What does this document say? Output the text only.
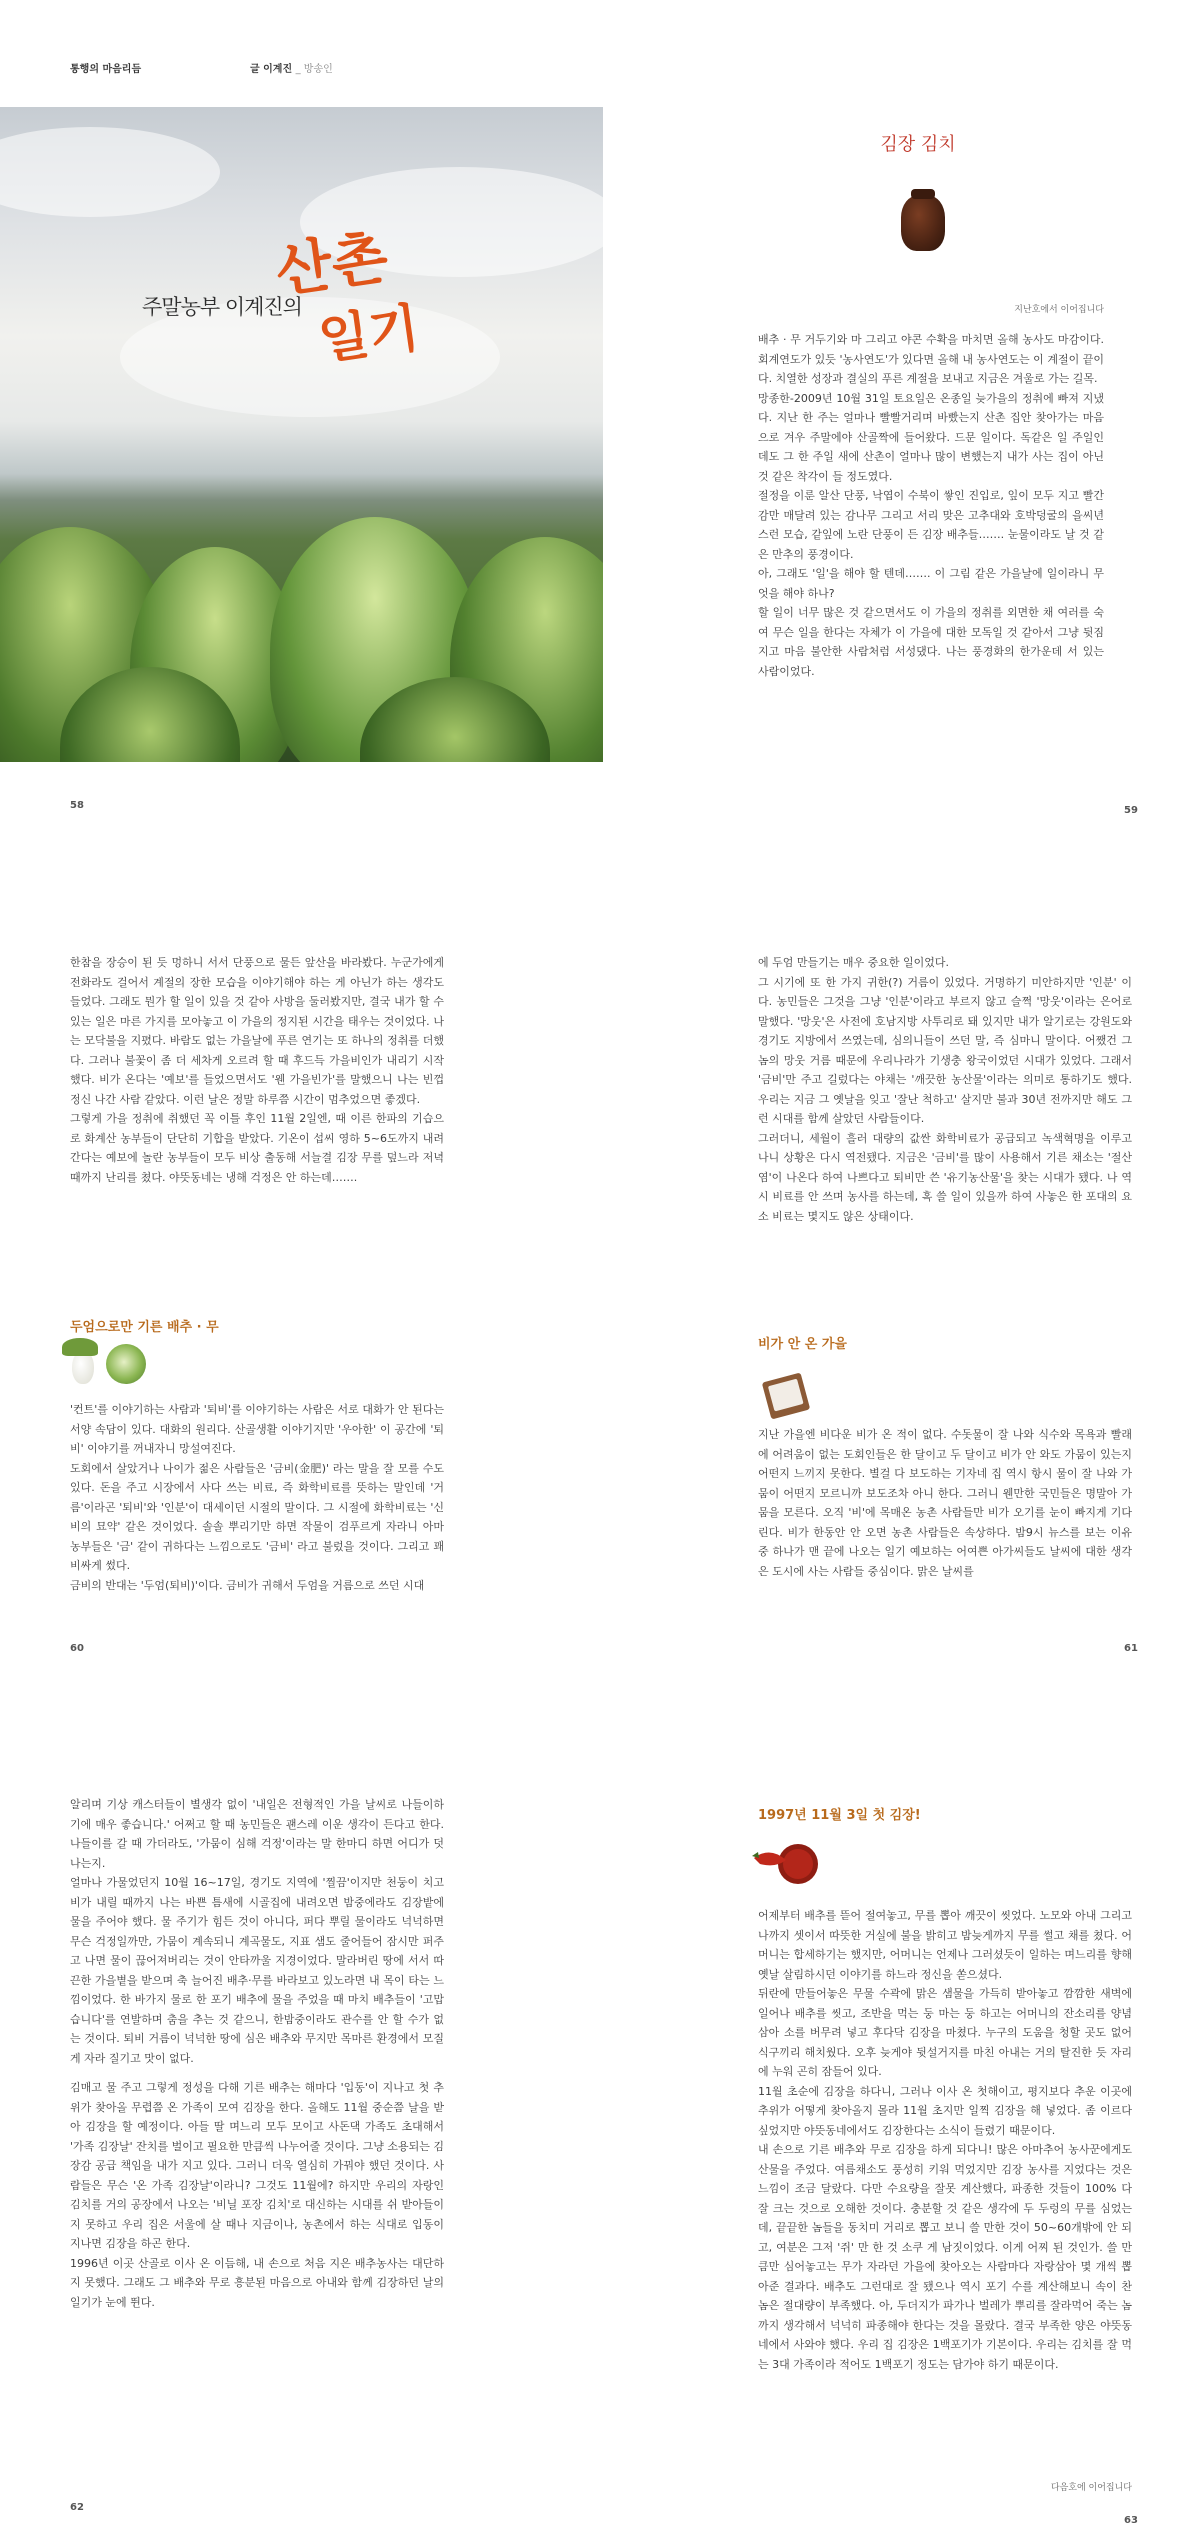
통행의 마음리듬	글 이계진 _ 방송인
주말농부 이계진의
산촌
일기
김장 김치
지난호에서 이어집니다

배추 · 무 거두기와 마 그리고 야콘 수확을 마치면 올해 농사도 마감이다. 회계연도가 있듯 '농사연도'가 있다면 올해 내 농사연도는 이 계절이 끝이다. 치열한 성장과 결실의 푸른 계절을 보내고 지금은 겨울로 가는 길목.

망종한-2009년 10월 31일 토요일은 온종일 늦가을의 정취에 빠져 지냈다. 지난 한 주는 얼마나 빨빨거리며 바빴는지 산촌 집안 찾아가는 마음으로 겨우 주말에야 산골짝에 들어왔다. 드문 일이다. 독같은 일 주일인데도 그 한 주일 새에 산촌이 얼마나 많이 변했는지 내가 사는 집이 아닌 것 같은 착각이 들 정도였다.

절정을 이룬 알산 단풍, 낙엽이 수북이 쌓인 진입로, 잎이 모두 지고 빨간 감만 매달려 있는 감나무 그리고 서리 맞은 고추대와 호박덩굴의 을씨년스런 모습, 같잎에 노란 단풍이 든 김장 배추들……. 눈물이라도 날 것 같은 만추의 풍경이다.

아, 그래도 '일'을 해야 할 텐데……. 이 그림 같은 가을날에 일이라니 무엇을 해야 하나?

할 일이 너무 많은 것 같으면서도 이 가을의 정취를 외면한 채 여러를 숙여 무슨 일을 한다는 자체가 이 가을에 대한 모독일 것 같아서 그냥 뒷짐 지고 마음 불안한 사람처럼 서성댔다. 나는 풍경화의 한가운데 서 있는 사람이었다.

58	59

한참을 장승이 된 듯 멍하니 서서 단풍으로 물든 앞산을 바라봤다. 누군가에게 전화라도 걸어서 계절의 장한 모습을 이야기해야 하는 게 아닌가 하는 생각도 들었다. 그래도 뭔가 할 일이 있을 것 같아 사방을 둘러봤지만, 결국 내가 할 수 있는 일은 마른 가지를 모아놓고 이 가을의 정지된 시간을 태우는 것이었다. 나는 모닥불을 지폈다. 바람도 없는 가을날에 푸른 연기는 또 하나의 정취를 더했다. 그러나 불꽃이 좀 더 세차게 오르려 할 때 후드득 가을비인가 내리기 시작했다. 비가 온다는 '예보'를 들었으면서도 '웬 가을빈가'를 말했으니 나는 빈껍 정신 나간 사람 같았다. 이런 날은 정말 하루쯤 시간이 멈추었으면 좋겠다.

그렇게 가을 정취에 취했던 꼭 이틀 후인 11월 2일엔, 때 이른 한파의 기습으로 화계산 농부들이 단단히 기합을 받았다. 기온이 섭씨 영하 5~6도까지 내려간다는 예보에 놀란 농부들이 모두 비상 출동해 서늘결 김장 무를 덮느라 저녁때까지 난리를 쳤다. 야뜻동네는 냉해 걱정은 안 하는데…….

두엄으로만 기른 배추 · 무

'컨트'를 이야기하는 사람과 '퇴비'를 이야기하는 사람은 서로 대화가 안 된다는 서양 속담이 있다. 대화의 원리다. 산골생활 이야기지만 '우아한' 이 공간에 '퇴비' 이야기를 꺼내자니 망설여진다.

도회에서 살았거나 나이가 젊은 사람들은 '금비(金肥)' 라는 말을 잘 모를 수도 있다. 돈을 주고 시장에서 사다 쓰는 비료, 즉 화학비료를 뜻하는 말인데 '거름'이라곤 '퇴비'와 '인분'이 대세이던 시절의 말이다. 그 시절에 화학비료는 '신비의 묘약' 같은 것이었다. 솔솔 뿌리기만 하면 작물이 검푸르게 자라니 아마 농부들은 '금' 같이 귀하다는 느낌으로도 '금비' 라고 불렀을 것이다. 그리고 꽤 비싸게 썼다.

금비의 반대는 '두엄(퇴비)'이다. 금비가 귀해서 두엄을 거름으로 쓰던 시대

에 두엄 만들기는 매우 중요한 일이었다.

그 시기에 또 한 가지 귀한(?) 거름이 있었다. 거명하기 미안하지만 '인분' 이다. 농민들은 그것을 그냥 '인분'이라고 부르지 않고 슬쩍 '망웃'이라는 은어로 말했다. '망웃'은 사전에 호남지방 사투리로 돼 있지만 내가 알기로는 강원도와 경기도 지방에서 쓰였는데, 심의니들이 쓰던 말, 즉 심마니 말이다. 어쨌건 그놈의 망웃 거름 때문에 우리나라가 기생충 왕국이었던 시대가 있었다. 그래서 '금비'만 주고 길렀다는 야채는 '깨끗한 농산물'이라는 의미로 통하기도 했다. 우리는 지금 그 옛날을 잊고 '잘난 척하고' 살지만 불과 30년 전까지만 해도 그런 시대를 함께 살았던 사람들이다.

그러더니, 세월이 흘러 대량의 값싼 화학비료가 공급되고 녹색혁명을 이루고 나니 상황은 다시 역전됐다. 지금은 '금비'를 많이 사용해서 기른 채소는 '절산염'이 나온다 하여 나쁘다고 퇴비만 쓴 '유기농산물'을 찾는 시대가 됐다. 나 역시 비료를 안 쓰며 농사를 하는데, 혹 쓸 일이 있을까 하여 사놓은 한 포대의 요소 비료는 몇지도 않은 상태이다.

비가 안 온 가을

지난 가을엔 비다운 비가 온 적이 없다. 수돗물이 잘 나와 식수와 목욕과 빨래에 어려움이 없는 도회인들은 한 달이고 두 달이고 비가 안 와도 가뭄이 있는지 어떤지 느끼지 못한다. 별걸 다 보도하는 기자네 집 역시 항시 물이 잘 나와 가뭄이 어떤지 모르니까 보도조차 아니 한다. 그러니 웬만한 국민들은 명말아 가뭄을 모른다. 오직 '비'에 목매온 농촌 사람들만 비가 오기를 눈이 빠지게 기다린다. 비가 한동안 안 오면 농촌 사람들은 속상하다. 밤9시 뉴스를 보는 이유 중 하나가 맨 끝에 나오는 일기 예보하는 어여쁜 아가씨들도 날씨에 대한 생각은 도시에 사는 사람들 중심이다. 맑은 날씨를

60	61

알리며 기상 캐스터들이 별생각 없이 '내일은 전형적인 가을 날씨로 나들이하기에 매우 좋습니다.' 어쩌고 할 때 농민들은 괜스레 이운 생각이 든다고 한다. 나들이를 갈 때 가더라도, '가뭄이 심해 걱정'이라는 말 한마디 하면 어디가 덧나는지.

얼마나 가물었던지 10월 16~17일, 경기도 지역에 '찔끔'이지만 천둥이 치고 비가 내릴 때까지 나는 바쁜 틈새에 시골집에 내려오면 밤중에라도 김장밭에 물을 주어야 했다. 물 주기가 힘든 것이 아니다, 퍼다 뿌릴 물이라도 넉넉하면 무슨 걱정일까만, 가뭄이 계속되니 계곡물도, 지표 샘도 줄어들어 잠시만 퍼주고 나면 물이 끊어져버리는 것이 안타까울 지경이었다. 말라버린 땅에 서서 따끈한 가을볕을 받으며 축 늘어진 배추·무를 바라보고 있노라면 내 목이 타는 느낌이었다. 한 바가지 물로 한 포기 배추에 물을 주었을 때 마치 배추들이 '고맙습니다'를 연발하며 춤을 추는 것 같으니, 한밤중이라도 관수를 안 할 수가 없는 것이다. 퇴비 거름이 넉넉한 땅에 심은 배추와 무지만 목마른 환경에서 모질게 자라 질기고 맛이 없다.

김매고 물 주고 그렇게 정성을 다해 기른 배추는 해마다 '입동'이 지나고 첫 추위가 찾아올 무렵쯤 온 가족이 모여 김장을 한다. 올해도 11월 중순쯤 날을 받아 김장을 할 예정이다. 아들 딸 며느리 모두 모이고 사돈댁 가족도 초대해서 '가족 김장날' 잔치를 벌이고 필요한 만큼씩 나누어줄 것이다. 그냥 소용되는 김장감 공급 책임을 내가 지고 있다. 그러니 더욱 열심히 가꿔야 했던 것이다. 사람들은 무슨 '온 가족 김장날'이라니? 그것도 11월에? 하지만 우리의 자랑인 김치를 거의 공장에서 나오는 '비닐 포장 김치'로 대신하는 시대를 쉬 받아들이지 못하고 우리 집은 서울에 살 때나 지금이나, 농촌에서 하는 식대로 입동이 지나면 김장을 하곤 한다.

1996년 이곳 산골로 이사 온 이듬해, 내 손으로 처음 지은 배추농사는 대단하지 못했다. 그래도 그 배추와 무로 흥분된 마음으로 아내와 함께 김장하던 날의 일기가 눈에 뛴다.

1997년 11월 3일 첫 김장!

어제부터 배추를 뜯어 절여놓고, 무를 뽑아 깨끗이 씻었다. 노모와 아내 그리고 나까지 셋이서 따뜻한 거실에 불을 밝히고 밤늦게까지 무를 썰고 채를 쳤다. 어머니는 합세하기는 했지만, 어머니는 언제나 그러셨듯이 일하는 며느리를 향해 옛날 살림하시던 이야기를 하느라 정신을 쏟으셨다.

뒤란에 만들어놓은 무물 수곽에 맑은 샘물을 가득히 받아놓고 깜깜한 새벽에 일어나 배추를 씻고, 조반을 먹는 둥 마는 둥 하고는 어머니의 잔소리를 양념 삼아 소를 버무려 넣고 후다닥 김장을 마쳤다. 누구의 도움을 청할 곳도 없어 식구끼리 해치웠다. 오후 늦게야 뒷설거지를 마친 아내는 거의 탈진한 듯 자리에 누워 곤히 잠들어 있다.

11월 초순에 김장을 하다니, 그러나 이사 온 첫해이고, 평지보다 추운 이곳에 추위가 어떻게 찾아올지 몰라 11월 초지만 일찍 김장을 해 넣었다. 좀 이르다 싶었지만 야뜻동네에서도 김장한다는 소식이 들렸기 때문이다.

내 손으로 기른 배추와 무로 김장을 하게 되다니! 많은 아마추어 농사꾼에게도 산물을 주었다. 여름채소도 풍성히 키워 먹었지만 김장 농사를 지었다는 것은 느낌이 조금 달랐다. 다만 수요량을 잘못 계산했다, 파종한 것들이 100% 다 잘 크는 것으로 오해한 것이다. 충분할 것 같은 생각에 두 두렁의 무를 심었는데, 끝끝한 놈들을 동치미 거리로 뽑고 보니 쓸 만한 것이 50~60개밖에 안 되고, 여분은 그저 '쥐' 만 한 것 소쿠 게 남짓이었다. 이게 어찌 된 것인가. 쓸 만큼만 심어놓고는 무가 자라던 가을에 찾아오는 사람마다 자랑삼아 몇 개씩 뽑아준 결과다. 배추도 그런대로 잘 됐으나 역시 포기 수를 계산해보니 속이 찬 놈은 절대량이 부족했다. 아, 두더지가 파가나 벌레가 뿌리를 잘라먹어 죽는 놈까지 생각해서 넉넉히 파종해야 한다는 것을 몰랐다. 결국 부족한 양은 야뜻동네에서 사와야 했다. 우리 집 김장은 1백포기가 기본이다. 우리는 김치를 잘 먹는 3대 가족이라 적어도 1백포기 정도는 담가야 하기 때문이다.

다음호에 이어집니다
62
63
